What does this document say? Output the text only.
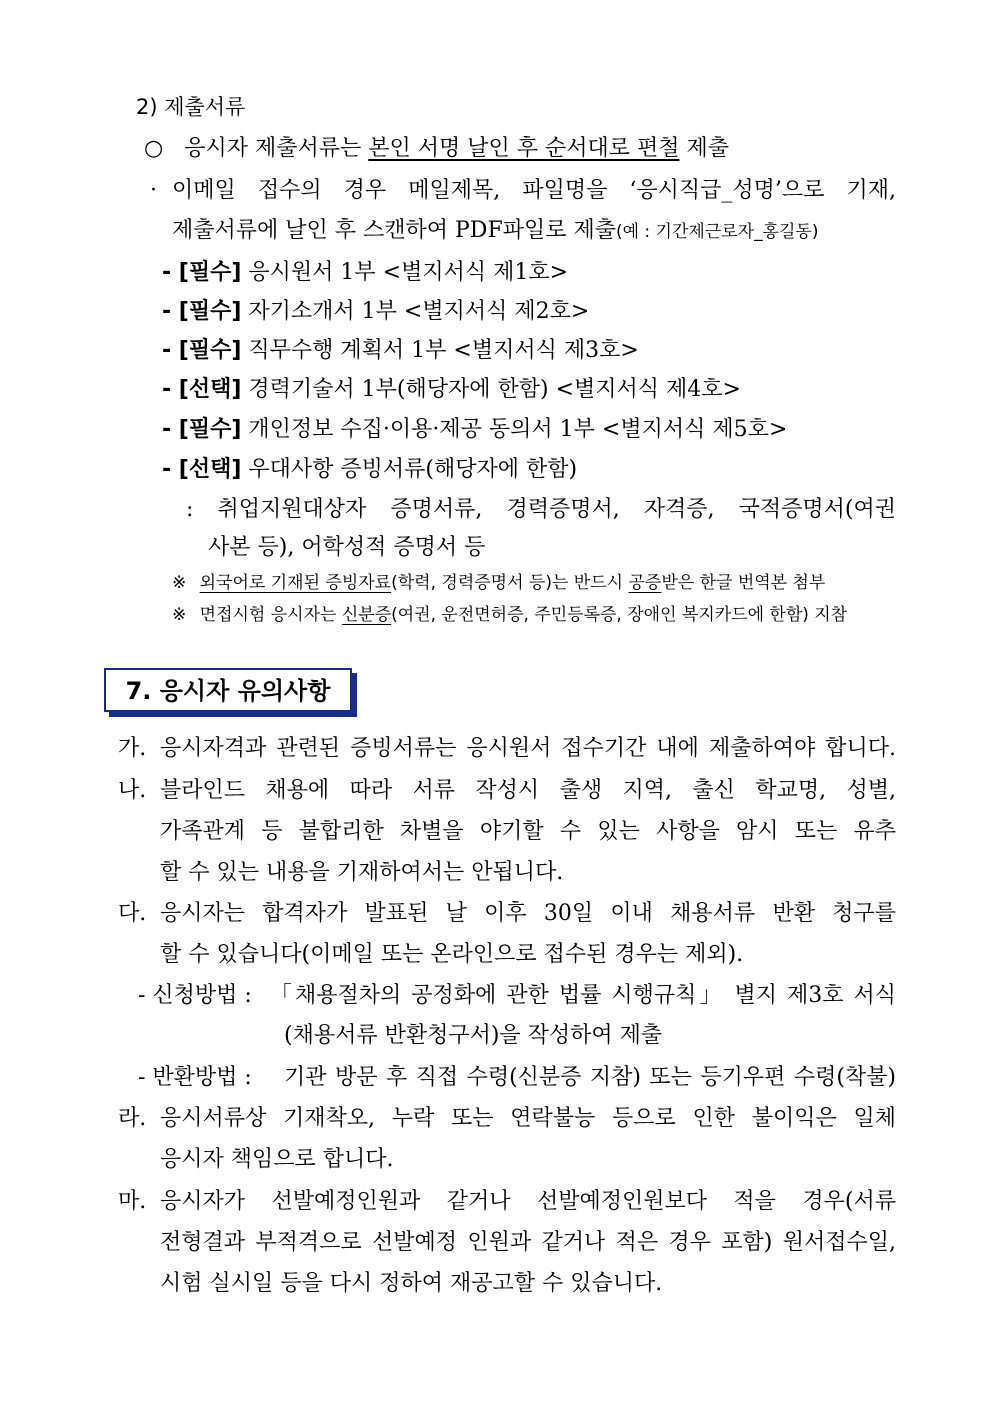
2) 제출서류
○ 응시자 제출서류는 본인 서명 날인 후 순서대로 편철 제출
· 이메일 접수의 경우 메일제목, 파일명을 ‘응시직급_성명’으로 기재,
제출서류에 날인 후 스캔하여 PDF파일로 제출(예 : 기간제근로자_홍길동)
- [필수] 응시원서 1부 <별지서식 제1호>
- [필수] 자기소개서 1부 <별지서식 제2호>
- [필수] 직무수행 계획서 1부 <별지서식 제3호>
- [선택] 경력기술서 1부(해당자에 한함) <별지서식 제4호>
- [필수] 개인정보 수집·이용·제공 동의서 1부 <별지서식 제5호>
- [선택] 우대사항 증빙서류(해당자에 한함)
: 취업지원대상자 증명서류, 경력증명서, 자격증, 국적증명서(여권
사본 등), 어학성적 증명서 등
※ 외국어로 기재된 증빙자료(학력, 경력증명서 등)는 반드시 공증받은 한글 번역본 첨부
※ 면접시험 응시자는 신분증(여권, 운전면허증, 주민등록증, 장애인 복지카드에 한함) 지참
7. 응시자 유의사항
가. 응시자격과 관련된 증빙서류는 응시원서 접수기간 내에 제출하여야 합니다.
나. 블라인드 채용에 따라 서류 작성시 출생 지역, 출신 학교명, 성별,
가족관계 등 불합리한 차별을 야기할 수 있는 사항을 암시 또는 유추
할 수 있는 내용을 기재하여서는 안됩니다.
다. 응시자는 합격자가 발표된 날 이후 30일 이내 채용서류 반환 청구를
할 수 있습니다(이메일 또는 온라인으로 접수된 경우는 제외).
- 신청방법 : 「채용절차의 공정화에 관한 법률 시행규칙」 별지 제3호 서식
(채용서류 반환청구서)을 작성하여 제출
- 반환방법 : 기관 방문 후 직접 수령(신분증 지참) 또는 등기우편 수령(착불)
라. 응시서류상 기재착오, 누락 또는 연락불능 등으로 인한 불이익은 일체
응시자 책임으로 합니다.
마. 응시자가 선발예정인원과 같거나 선발예정인원보다 적을 경우(서류
전형결과 부적격으로 선발예정 인원과 같거나 적은 경우 포함) 원서접수일,
시험 실시일 등을 다시 정하여 재공고할 수 있습니다.
